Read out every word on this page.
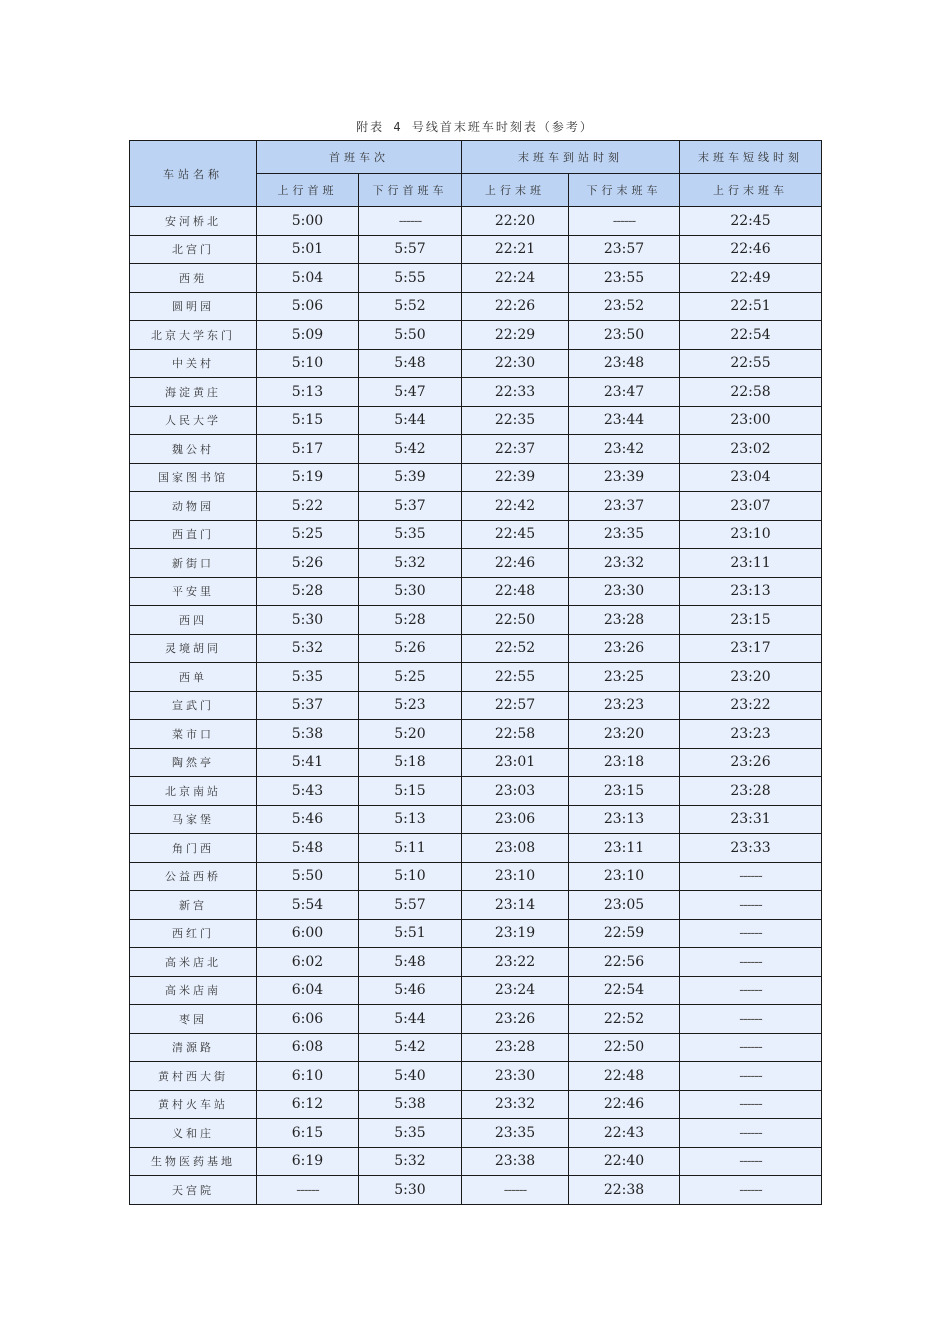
附表 4 号线首末班车时刻表（参考）
车站名称	首班车次		末班车到站时刻		末班车短线时刻
	上行首班	下行首班车	上行末班	下行末班车	上行末班车
安河桥北	5:00	------	22:20	------	22:45
北宫门	5:01	5:57	22:21	23:57	22:46
西苑	5:04	5:55	22:24	23:55	22:49
圆明园	5:06	5:52	22:26	23:52	22:51
北京大学东门	5:09	5:50	22:29	23:50	22:54
中关村	5:10	5:48	22:30	23:48	22:55
海淀黄庄	5:13	5:47	22:33	23:47	22:58
人民大学	5:15	5:44	22:35	23:44	23:00
魏公村	5:17	5:42	22:37	23:42	23:02
国家图书馆	5:19	5:39	22:39	23:39	23:04
动物园	5:22	5:37	22:42	23:37	23:07
西直门	5:25	5:35	22:45	23:35	23:10
新街口	5:26	5:32	22:46	23:32	23:11
平安里	5:28	5:30	22:48	23:30	23:13
西四	5:30	5:28	22:50	23:28	23:15
灵境胡同	5:32	5:26	22:52	23:26	23:17
西单	5:35	5:25	22:55	23:25	23:20
宣武门	5:37	5:23	22:57	23:23	23:22
菜市口	5:38	5:20	22:58	23:20	23:23
陶然亭	5:41	5:18	23:01	23:18	23:26
北京南站	5:43	5:15	23:03	23:15	23:28
马家堡	5:46	5:13	23:06	23:13	23:31
角门西	5:48	5:11	23:08	23:11	23:33
公益西桥	5:50	5:10	23:10	23:10	------
新宫	5:54	5:57	23:14	23:05	------
西红门	6:00	5:51	23:19	22:59	------
高米店北	6:02	5:48	23:22	22:56	------
高米店南	6:04	5:46	23:24	22:54	------
枣园	6:06	5:44	23:26	22:52	------
清源路	6:08	5:42	23:28	22:50	------
黄村西大街	6:10	5:40	23:30	22:48	------
黄村火车站	6:12	5:38	23:32	22:46	------
义和庄	6:15	5:35	23:35	22:43	------
生物医药基地	6:19	5:32	23:38	22:40	------
天宫院	------	5:30	------	22:38	------
